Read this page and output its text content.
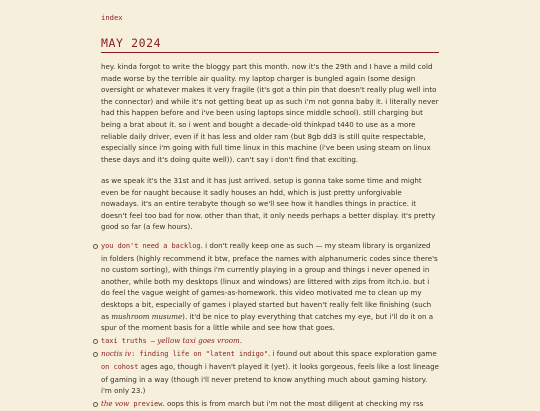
index
MAY 2024

hey. kinda forgot to write the bloggy part this month. now it's the 29th and I have a mild cold made worse by the terrible air quality. my laptop charger is bungled again (some design oversight or whatever makes it very fragile (it's got a thin pin that doesn't really plug well into the connector) and while it's not getting beat up as such i'm not gonna baby it. i literally never had this happen before and i've been using laptops since middle school). still charging but being a brat about it. so i went and bought a decade-old thinkpad t440 to use as a more reliable daily driver, even if it has less and older ram (but 8gb dd3 is still quite respectable, especially since i'm going with full time linux in this machine (i've been using steam on linux these days and it's doing quite well)). can't say i don't find that exciting.

as we speak it's the 31st and it has just arrived. setup is gonna take some time and might even be for naught because it sadly houses an hdd, which is just pretty unforgivable nowadays. it's an entire terabyte though so we'll see how it handles things in practice. it doesn't feel too bad for now. other than that, it only needs perhaps a better display. it's pretty good so far (a few hours).

you don't need a backlog. i don't really keep one as such — my steam library is organized in folders (highly recommend it btw, preface the names with alphanumeric codes since there's no custom sorting), with things i'm currently playing in a group and things i never opened in another, while both my desktops (linux and windows) are littered with zips from itch.io. but i do feel the vague weight of games-as-homework. this video motivated me to clean up my desktops a bit, especially of games i played started but haven't really felt like finishing (such as mushroom musume). it'd be nice to play everything that catches my eye, but i'll do it on a spur of the moment basis for a little while and see how that goes.
taxi truths — yellow taxi goes vroom.
noctis iv: finding life on "latent indigo". i found out about this space exploration game on cohost ages ago, though i haven't played it (yet). it looks gorgeous, feels like a lost lineage of gaming in a way (though i'll never pretend to know anything much about gaming history. i'm only 23.)
the vow preview. oops this is from march but i'm not the most diligent at checking my rss
